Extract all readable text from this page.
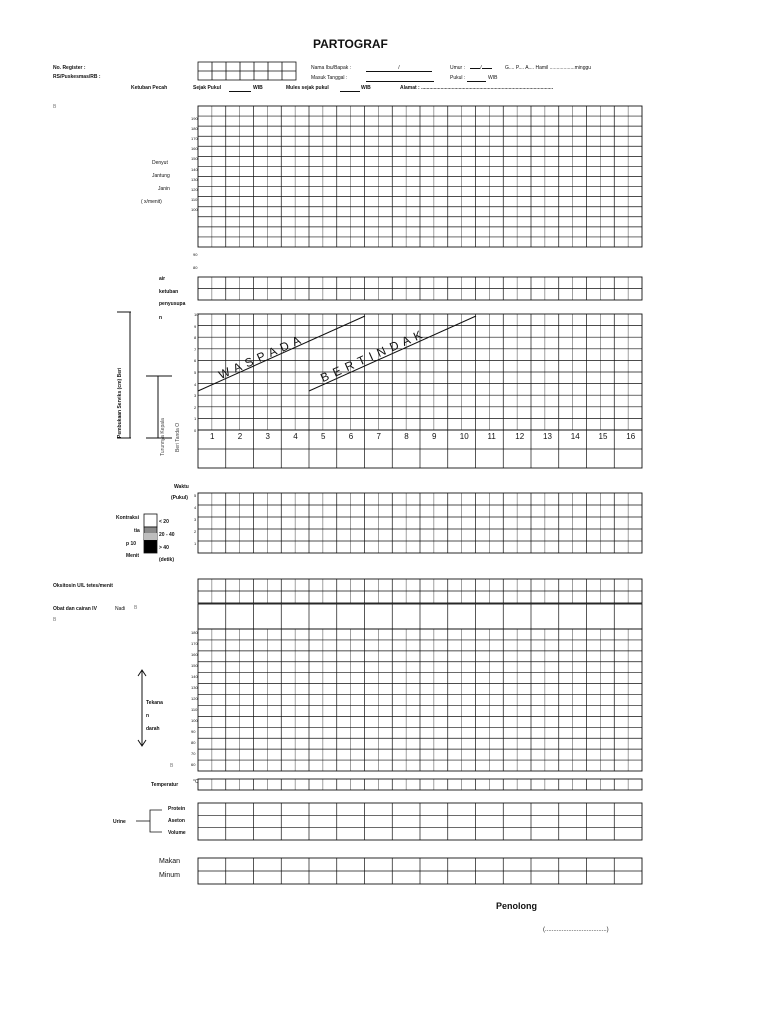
PARTOGRAF
No. Register :
RS/Puskesmas/RB :
Nama Ibu/Bapak :	/
Masuk Tanggal :
Umur :	/	G.... P.... A.... Hamil ..................minggu
Pukul :	WIB
Ketuban Pecah	Sejak Pukul	WIB	Mules sejak pukul	WIB	Alamat : ...............................................................................................
B
Denyut
Jantung
Janin
( x/menit)
190
180
170
160
150
140
130
120
110
100
90
80
air
ketuban
penyusupa
n
Pembukaan Serviks (cm) Beri	Turunnya Kepala Beri Tanda O
10
9
8
7
6
5
4
3
2
1
0
W A S P A D A B E R T I N D A K
1	2	3	4	5	6	7	8	9	10 11 12 13 14 15 16
Waktu
(Pukul)
Kontraksi
tia
p 10
Menit
< 20
20 - 40
> 40
(detik)
5
4
3
2
1
Oksitosin U/L tetes/menit
Obat dan cairan IV	Nadi B
B
Tekana
n
darah
B
180
170
160
150
140
130
120
110
100
90
80
70
60
Temperatur	°C
Urine
Protein
Aseton
Volume
Makan
Minum
Penolong
(.....................................)
